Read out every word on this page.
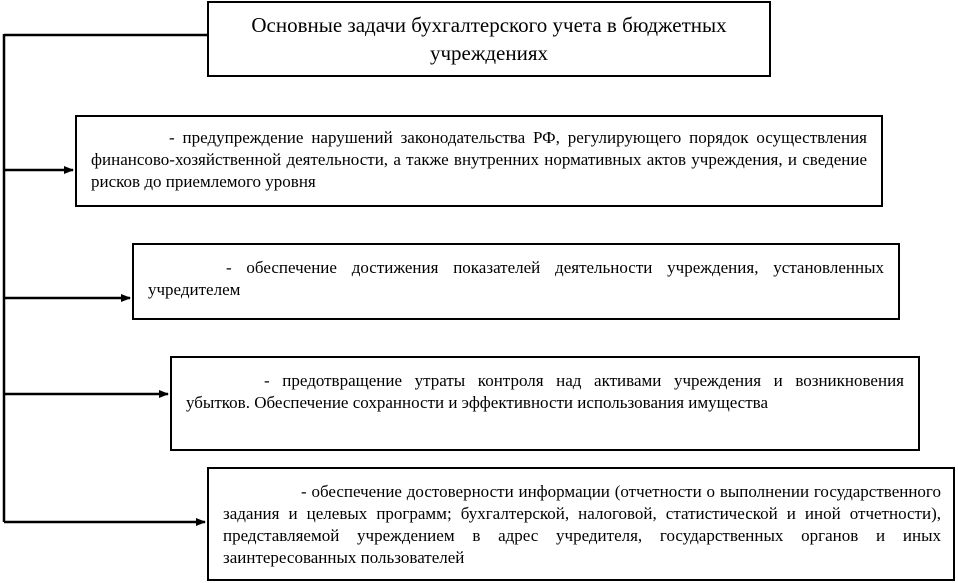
Основные задачи бухгалтерского учета в бюджетных учреждениях
- предупреждение нарушений законодательства РФ, регулирующего порядок осуществления финансово-хозяйственной деятельности, а также внутренних нормативных актов учреждения, и сведение рисков до приемлемого уровня
- обеспечение достижения показателей деятельности учреждения, установленных учредителем
- предотвращение утраты контроля над активами учреждения и возникновения убытков. Обеспечение сохранности и эффективности использования имущества
- обеспечение достоверности информации (отчетности о выполнении государственного задания и целевых программ; бухгалтерской, налоговой, статистической и иной отчетности), представляемой учреждением в адрес учредителя, государственных органов и иных заинтересованных пользователей
